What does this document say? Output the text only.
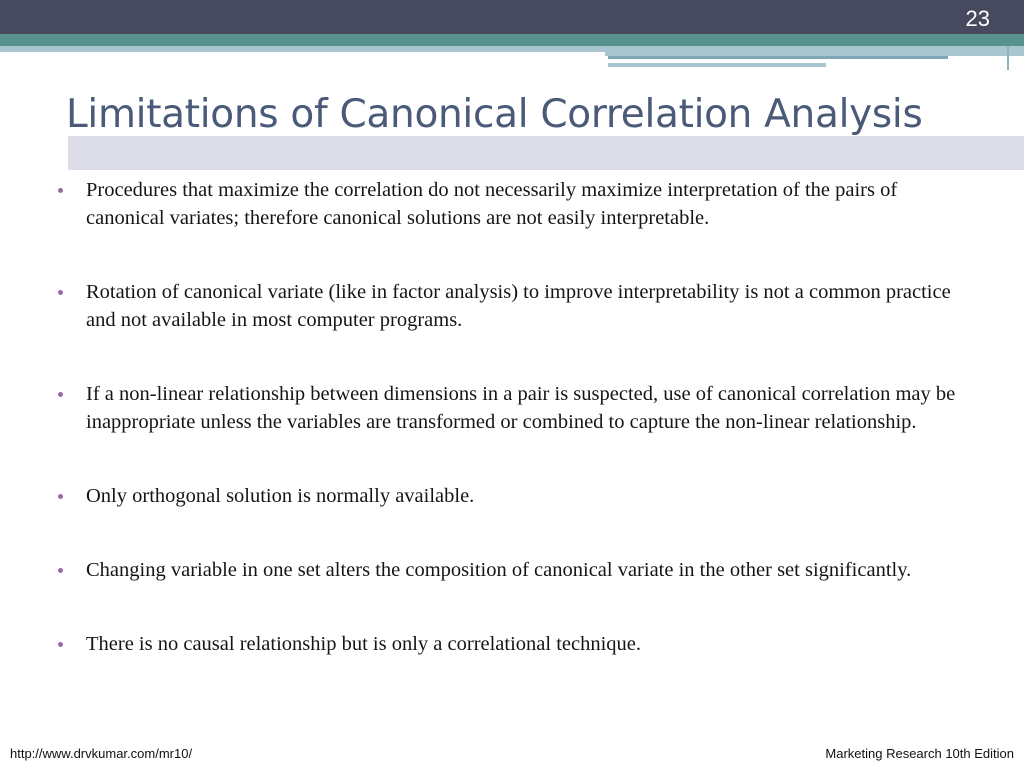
23
Limitations of Canonical Correlation Analysis
Procedures that maximize the correlation do not necessarily maximize interpretation of the pairs of canonical variates; therefore canonical solutions are not easily interpretable.
Rotation of canonical variate (like in factor analysis) to improve interpretability is not a common practice and not available in most computer programs.
If a non-linear relationship between dimensions in a pair is suspected, use of canonical correlation may be inappropriate unless the variables are transformed or combined to capture the non-linear relationship.
Only orthogonal solution is normally available.
Changing variable in one set alters the composition of canonical variate in the other set significantly.
There is no causal relationship but is only a correlational technique.
http://www.drvkumar.com/mr10/	Marketing Research 10th Edition
